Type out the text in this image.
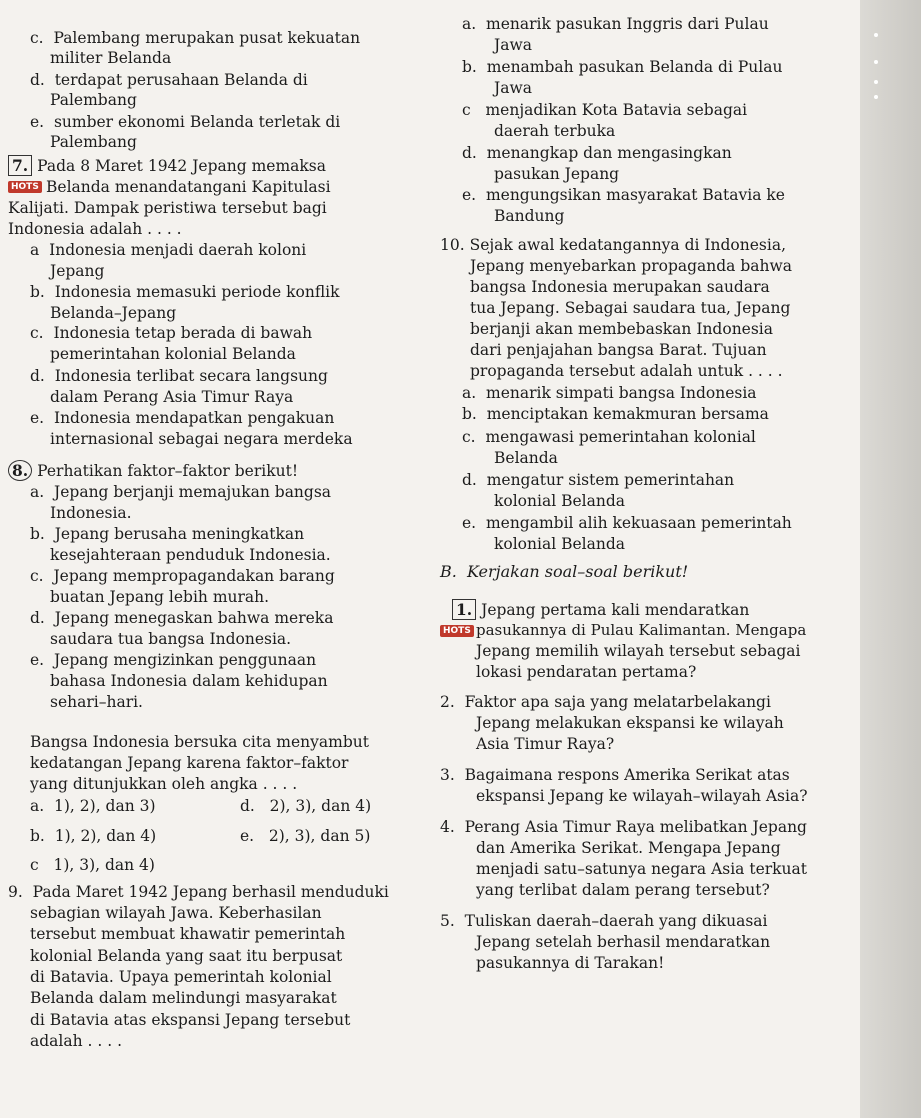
c.  Palembang merupakan pusat kekuatan
militer Belanda
d.  terdapat perusahaan Belanda di
Palembang
e.  sumber ekonomi Belanda terletak di
Palembang
7. Pada 8 Maret 1942 Jepang memaksa
HOTS Belanda menandatangani Kapitulasi
Kalijati. Dampak peristiwa tersebut bagi
Indonesia adalah . . . .
a  Indonesia menjadi daerah koloni
Jepang
b.  Indonesia memasuki periode konflik
Belanda–Jepang
c.  Indonesia tetap berada di bawah
pemerintahan kolonial Belanda
d.  Indonesia terlibat secara langsung
dalam Perang Asia Timur Raya
e.  Indonesia mendapatkan pengakuan
internasional sebagai negara merdeka
8. Perhatikan faktor–faktor berikut!
a.  Jepang berjanji memajukan bangsa
Indonesia.
b.  Jepang berusaha meningkatkan
kesejahteraan penduduk Indonesia.
c.  Jepang mempropagandakan barang
buatan Jepang lebih murah.
d.  Jepang menegaskan bahwa mereka
saudara tua bangsa Indonesia.
e.  Jepang mengizinkan penggunaan
bahasa Indonesia dalam kehidupan
sehari–hari.
Bangsa Indonesia bersuka cita menyambut
kedatangan Jepang karena faktor–faktor
yang ditunjukkan oleh angka . . . .
a.  1), 2), dan 3)	d.   2), 3), dan 4)
b.  1), 2), dan 4)	e.   2), 3), dan 5)
c   1), 3), dan 4)
9.  Pada Maret 1942 Jepang berhasil menduduki
sebagian wilayah Jawa. Keberhasilan
tersebut membuat khawatir pemerintah
kolonial Belanda yang saat itu berpusat
di Batavia. Upaya pemerintah kolonial
Belanda dalam melindungi masyarakat
di Batavia atas ekspansi Jepang tersebut
adalah . . . .
a.  menarik pasukan Inggris dari Pulau
Jawa
b.  menambah pasukan Belanda di Pulau
Jawa
c   menjadikan Kota Batavia sebagai
daerah terbuka
d.  menangkap dan mengasingkan
pasukan Jepang
e.  mengungsikan masyarakat Batavia ke
Bandung
10. Sejak awal kedatangannya di Indonesia,
Jepang menyebarkan propaganda bahwa
bangsa Indonesia merupakan saudara
tua Jepang. Sebagai saudara tua, Jepang
berjanji akan membebaskan Indonesia
dari penjajahan bangsa Barat. Tujuan
propaganda tersebut adalah untuk . . . .
a.  menarik simpati bangsa Indonesia
b.  menciptakan kemakmuran bersama
c.  mengawasi pemerintahan kolonial
Belanda
d.  mengatur sistem pemerintahan
kolonial Belanda
e.  mengambil alih kekuasaan pemerintah
kolonial Belanda
B.  Kerjakan soal–soal berikut!
1. Jepang pertama kali mendaratkan
HOTS pasukannya di Pulau Kalimantan. Mengapa
Jepang memilih wilayah tersebut sebagai
lokasi pendaratan pertama?
2.  Faktor apa saja yang melatarbelakangi
Jepang melakukan ekspansi ke wilayah
Asia Timur Raya?
3.  Bagaimana respons Amerika Serikat atas
ekspansi Jepang ke wilayah–wilayah Asia?
4.  Perang Asia Timur Raya melibatkan Jepang
dan Amerika Serikat. Mengapa Jepang
menjadi satu–satunya negara Asia terkuat
yang terlibat dalam perang tersebut?
5.  Tuliskan daerah–daerah yang dikuasai
Jepang setelah berhasil mendaratkan
pasukannya di Tarakan!
